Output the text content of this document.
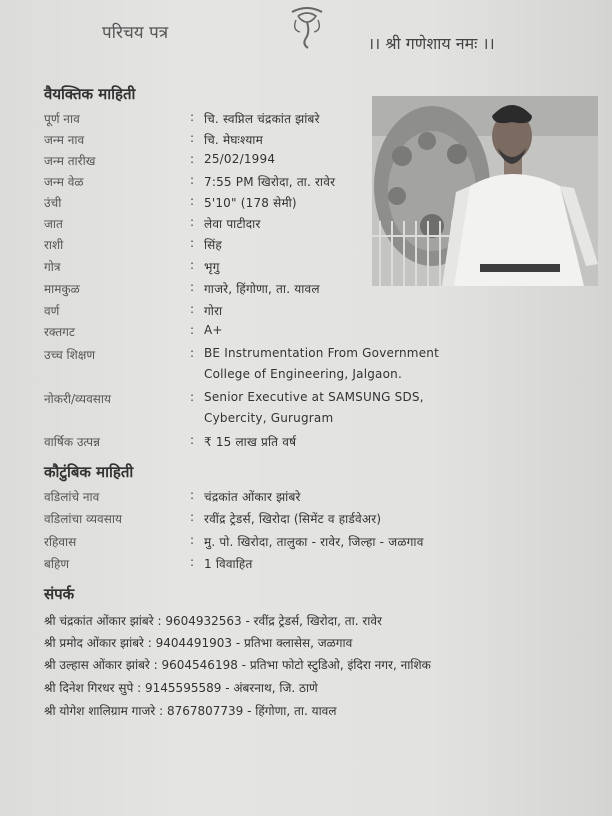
परिचय पत्र
।। श्री गणेशाय नमः ।।
वैयक्तिक माहिती
पूर्ण नाव	: चि. स्वप्निल चंद्रकांत झांबरे
जन्म नाव	: चि. मेघःश्याम
जन्म तारीख	: 25/02/1994
जन्म वेळ	: 7:55 PM खिरोदा, ता. रावेर
उंची	: 5'10" (178 सेमी)
जात	: लेवा पाटीदार
राशी	: सिंह
गोत्र	: भृगु
मामकुळ	: गाजरे, हिंगोणा, ता. यावल
वर्ण	: गोरा
रक्तगट	: A+
उच्च शिक्षण	: BE Instrumentation From Government
College of Engineering, Jalgaon.
नोकरी/व्यवसाय	: Senior Executive at SAMSUNG SDS,
Cybercity, Gurugram
वार्षिक उत्पन्न	: ₹ 15 लाख प्रति वर्ष
कौटुंबिक माहिती
वडिलांचे नाव	: चंद्रकांत ओंकार झांबरे
वडिलांचा व्यवसाय	: रवींद्र ट्रेडर्स, खिरोदा (सिमेंट व हार्डवेअर)
रहिवास	: मु. पो. खिरोदा, तालुका - रावेर, जिल्हा - जळगाव
बहिण	: 1 विवाहित
संपर्क
श्री चंद्रकांत ओंकार झांबरे : 9604932563 - रवींद्र ट्रेडर्स, खिरोदा, ता. रावेर
श्री प्रमोद ओंकार झांबरे : 9404491903 - प्रतिभा क्लासेस, जळगाव
श्री उल्हास ओंकार झांबरे : 9604546198 - प्रतिभा फोटो स्टुडिओ, इंदिरा नगर, नाशिक
श्री दिनेश गिरधर सुपे : 9145595589 - अंबरनाथ, जि. ठाणे
श्री योगेश शालिग्राम गाजरे : 8767807739 - हिंगोणा, ता. यावल
